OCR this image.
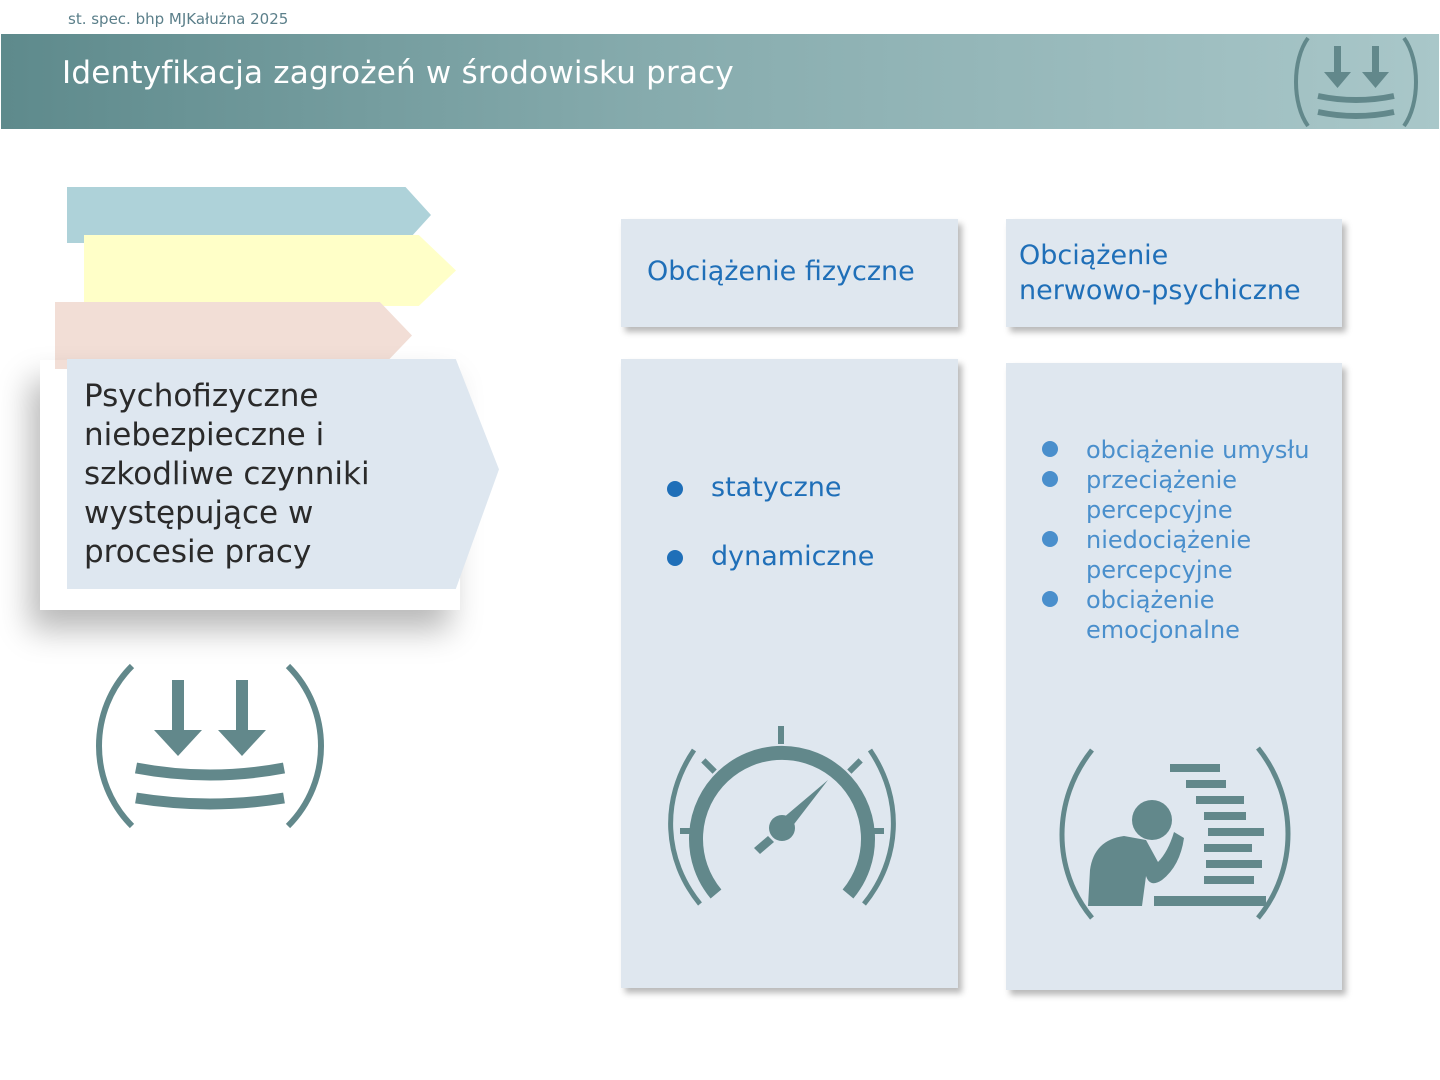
st. spec. bhp MJKałużna 2025
Identyfikacja zagrożeń w środowisku pracy
Psychofizyczne niebezpieczne i szkodliwe czynniki występujące w procesie pracy
Obciążenie fizyczne
statyczne
dynamiczne
Obciążenie
nerwowo-psychiczne
obciążenie umysłu
przeciążenie
percepcyjne
niedociążenie
percepcyjne
obciążenie
emocjonalne
